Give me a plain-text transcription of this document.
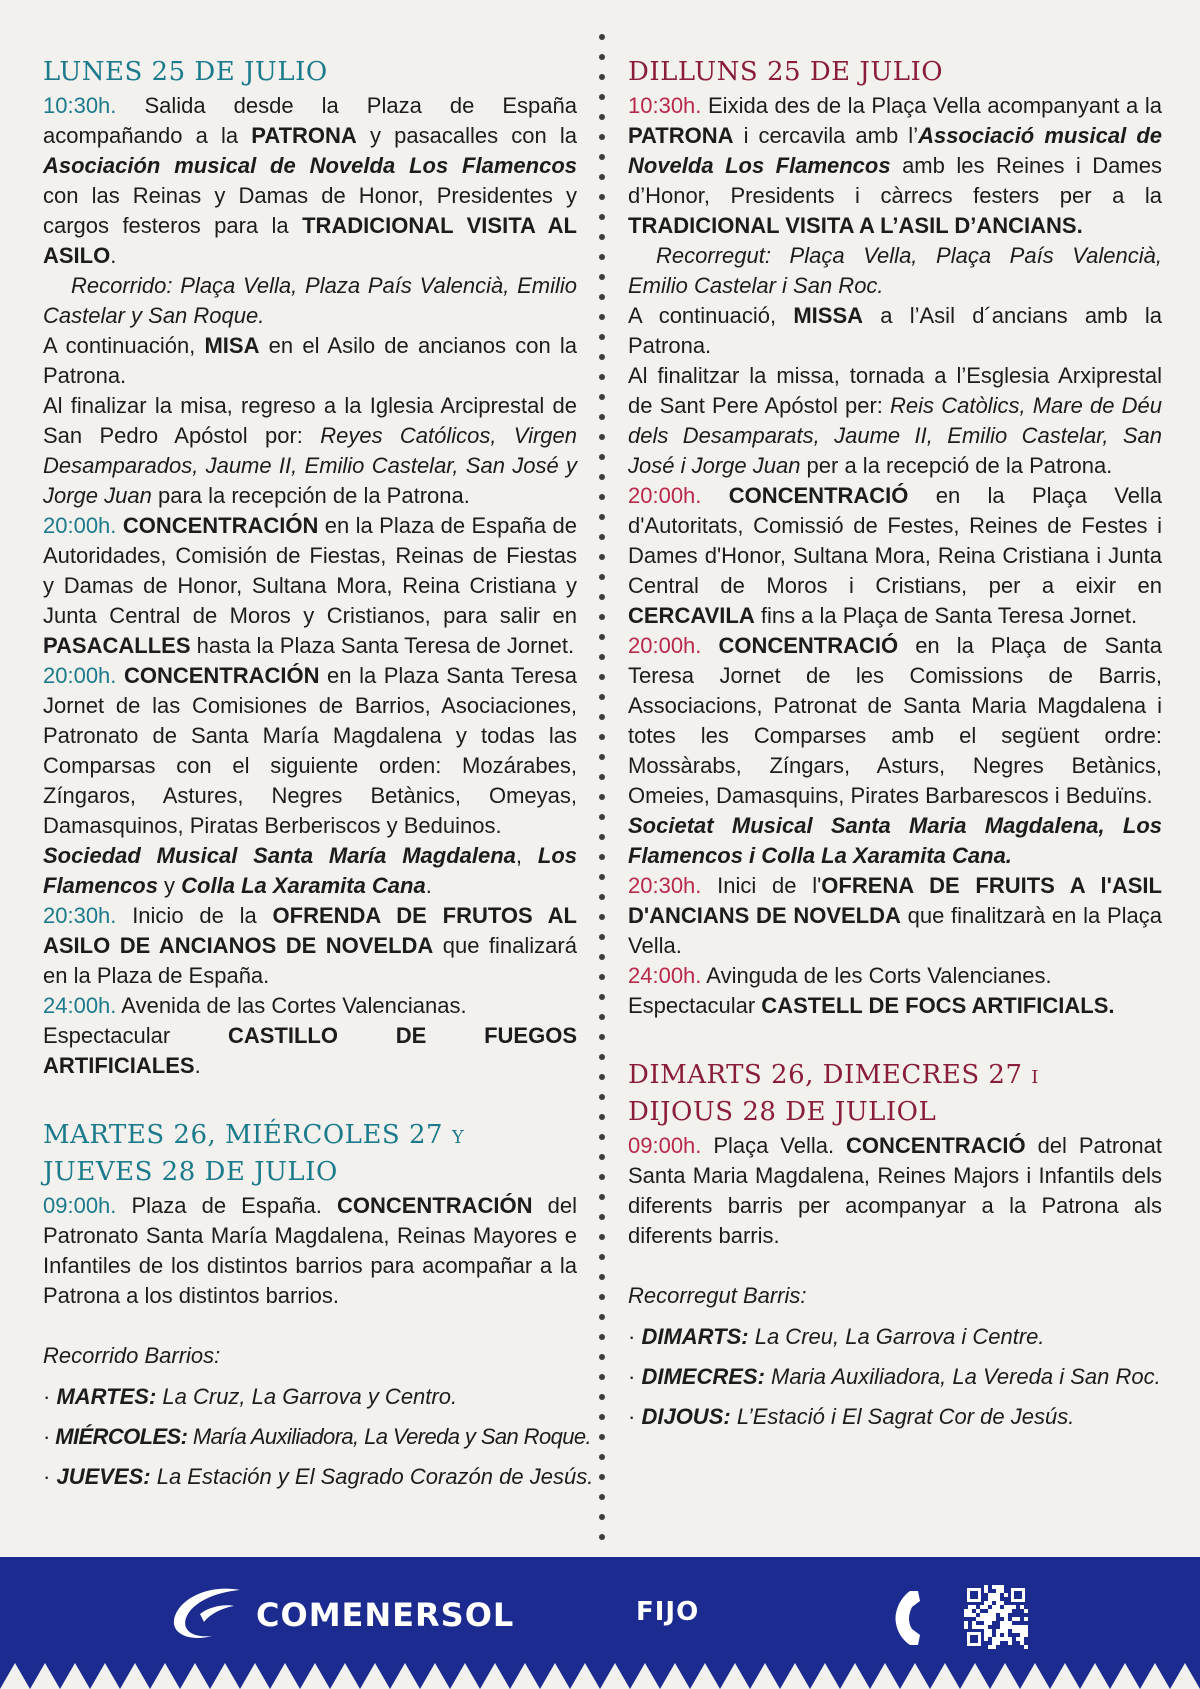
LUNES 25 DE JULIO

10:30h. Salida desde la Plaza de España acompañando a la PATRONA y pasacalles con la Asociación musical de Novelda Los Flamencos con las Reinas y Damas de Honor, Presidentes y cargos festeros para la TRADICIONAL VISITA AL ASILO.

Recorrido: Plaça Vella, Plaza País Valencià, Emilio Castelar y San Roque.

A continuación, MISA en el Asilo de ancianos con la Patrona.

Al finalizar la misa, regreso a la Iglesia Arciprestal de San Pedro Apóstol por: Reyes Católicos, Virgen Desamparados, Jaume II, Emilio Castelar, San José y Jorge Juan para la recepción de la Patrona.

20:00h. CONCENTRACIÓN en la Plaza de España de Autoridades, Comisión de Fiestas, Reinas de Fiestas y Damas de Honor, Sultana Mora, Reina Cristiana y Junta Central de Moros y Cristianos, para salir en PASACALLES hasta la Plaza Santa Teresa de Jornet.

20:00h. CONCENTRACIÓN en la Plaza Santa Teresa Jornet de las Comisiones de Barrios, Asociaciones, Patronato de Santa María Magdalena y todas las Comparsas con el siguiente orden: Mozárabes, Zíngaros, Astures, Negres Betànics, Omeyas, Damasquinos, Piratas Berberiscos y Beduinos.

Sociedad Musical Santa María Magdalena, Los Flamencos y Colla La Xaramita Cana.

20:30h. Inicio de la OFRENDA DE FRUTOS AL ASILO DE ANCIANOS DE NOVELDA que finalizará en la Plaza de España.

24:00h. Avenida de las Cortes Valencianas.

Espectacular CASTILLO DE FUEGOS ARTIFICIALES.

MARTES 26, MIÉRCOLES 27 y
JUEVES 28 DE JULIO

09:00h. Plaza de España. CONCENTRACIÓN del Patronato Santa María Magdalena, Reinas Mayores e Infantiles de los distintos barrios para acompañar a la Patrona a los distintos barrios.

Recorrido Barrios:

· MARTES: La Cruz, La Garrova y Centro.

· MIÉRCOLES: María Auxiliadora, La Vereda y San Roque.

· JUEVES: La Estación y El Sagrado Corazón de Jesús.

DILLUNS 25 DE JULIO

10:30h. Eixida des de la Plaça Vella acompanyant a la PATRONA i cercavila amb l’Associació musical de Novelda Los Flamencos amb les Reines i Dames d’Honor, Presidents i càrrecs festers per a la TRADICIONAL VISITA A L’ASIL D’ANCIANS.

Recorregut: Plaça Vella, Plaça País Valencià, Emilio Castelar i San Roc.

A continuació, MISSA a l’Asil d´ancians amb la Patrona.

Al finalitzar la missa, tornada a l’Esglesia Arxiprestal de Sant Pere Apóstol per: Reis Catòlics, Mare de Déu dels Desamparats, Jaume II, Emilio Castelar, San José i Jorge Juan per a la recepció de la Patrona.

20:00h. CONCENTRACIÓ en la Plaça Vella d'Autoritats, Comissió de Festes, Reines de Festes i Dames d'Honor, Sultana Mora, Reina Cristiana i Junta Central de Moros i Cristians, per a eixir en CERCAVILA fins a la Plaça de Santa Teresa Jornet.

20:00h. CONCENTRACIÓ en la Plaça de Santa Teresa Jornet de les Comissions de Barris, Associacions, Patronat de Santa Maria Magdalena i totes les Comparses amb el següent ordre: Mossàrabs, Zíngars, Asturs, Negres Betànics, Omeies, Damasquins, Pirates Barbarescos i Beduïns.

Societat Musical Santa Maria Magdalena, Los Flamencos i Colla La Xaramita Cana.

20:30h. Inici de l'OFRENA DE FRUITS A l'ASIL D'ANCIANS DE NOVELDA que finalitzarà en la Plaça Vella.

24:00h. Avinguda de les Corts Valencianes.

Espectacular CASTELL DE FOCS ARTIFICIALS.

DIMARTS 26, DIMECRES 27 i
DIJOUS 28 DE JULIOL

09:00h. Plaça Vella. CONCENTRACIÓ del Patronat Santa Maria Magdalena, Reines Majors i Infantils dels diferents barris per acompanyar a la Patrona als diferents barris.

Recorregut Barris:

· DIMARTS: La Creu, La Garrova i Centre.

· DIMECRES: Maria Auxiliadora, La Vereda i San Roc.

· DIJOUS: L’Estació i El Sagrat Cor de Jesús.

COMENERSOL	FIJO
